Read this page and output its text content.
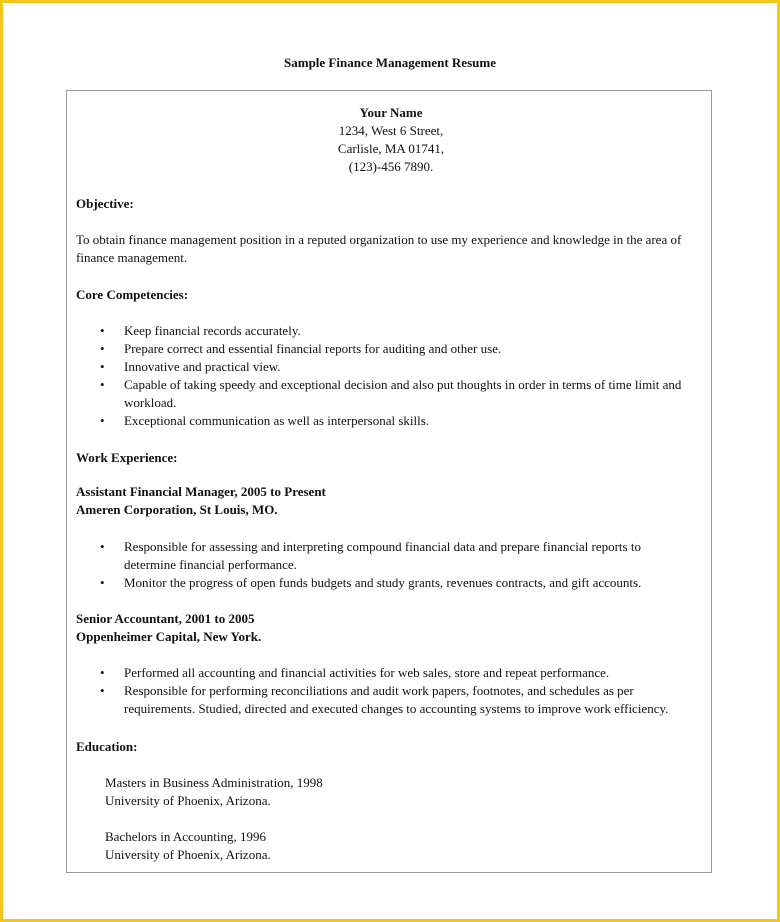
Sample Finance Management Resume
Your Name
1234, West 6 Street,
Carlisle, MA 01741,
(123)-456 7890.
Objective:
To obtain finance management position in a reputed organization to use my experience and knowledge in the area of
finance management.
Core Competencies:
• Keep financial records accurately.
• Prepare correct and essential financial reports for auditing and other use.
• Innovative and practical view.
• Capable of taking speedy and exceptional decision and also put thoughts in order in terms of time limit and
workload.
• Exceptional communication as well as interpersonal skills.
Work Experience:
Assistant Financial Manager, 2005 to Present
Ameren Corporation, St Louis, MO.
• Responsible for assessing and interpreting compound financial data and prepare financial reports to
determine financial performance.
• Monitor the progress of open funds budgets and study grants, revenues contracts, and gift accounts.
Senior Accountant, 2001 to 2005
Oppenheimer Capital, New York.
• Performed all accounting and financial activities for web sales, store and repeat performance.
• Responsible for performing reconciliations and audit work papers, footnotes, and schedules as per
requirements. Studied, directed and executed changes to accounting systems to improve work efficiency.
Education:
Masters in Business Administration, 1998
University of Phoenix, Arizona.
Bachelors in Accounting, 1996
University of Phoenix, Arizona.
